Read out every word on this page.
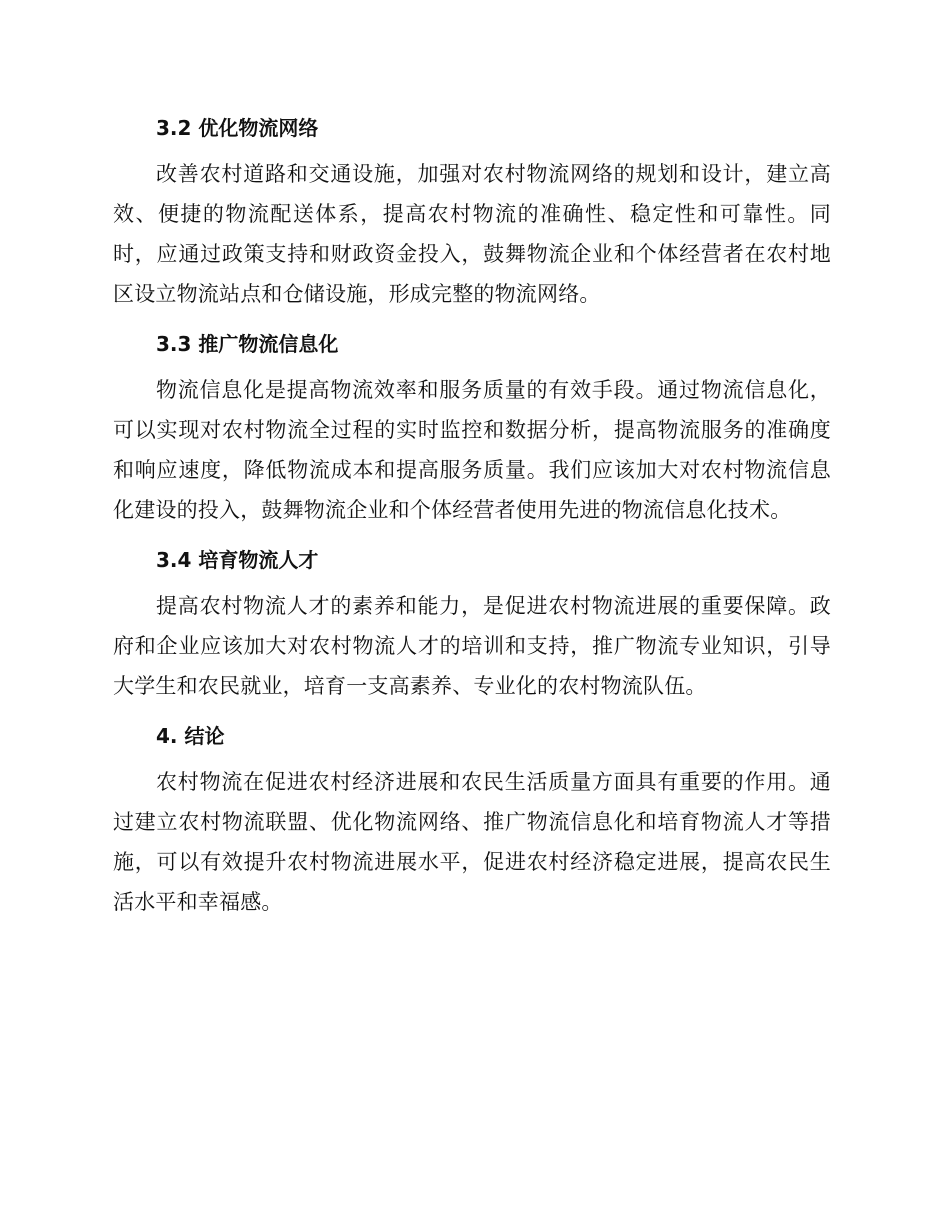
3.2 优化物流网络

改善农村道路和交通设施，加强对农村物流网络的规划和设计，建立高效、便捷的物流配送体系，提高农村物流的准确性、稳定性和可靠性。同时，应通过政策支持和财政资金投入，鼓舞物流企业和个体经营者在农村地区设立物流站点和仓储设施，形成完整的物流网络。

3.3 推广物流信息化

物流信息化是提高物流效率和服务质量的有效手段。通过物流信息化，可以实现对农村物流全过程的实时监控和数据分析，提高物流服务的准确度和响应速度，降低物流成本和提高服务质量。我们应该加大对农村物流信息化建设的投入，鼓舞物流企业和个体经营者使用先进的物流信息化技术。

3.4 培育物流人才

提高农村物流人才的素养和能力，是促进农村物流进展的重要保障。政府和企业应该加大对农村物流人才的培训和支持，推广物流专业知识，引导大学生和农民就业，培育一支高素养、专业化的农村物流队伍。

4. 结论

农村物流在促进农村经济进展和农民生活质量方面具有重要的作用。通过建立农村物流联盟、优化物流网络、推广物流信息化和培育物流人才等措施，可以有效提升农村物流进展水平，促进农村经济稳定进展，提高农民生活水平和幸福感。
